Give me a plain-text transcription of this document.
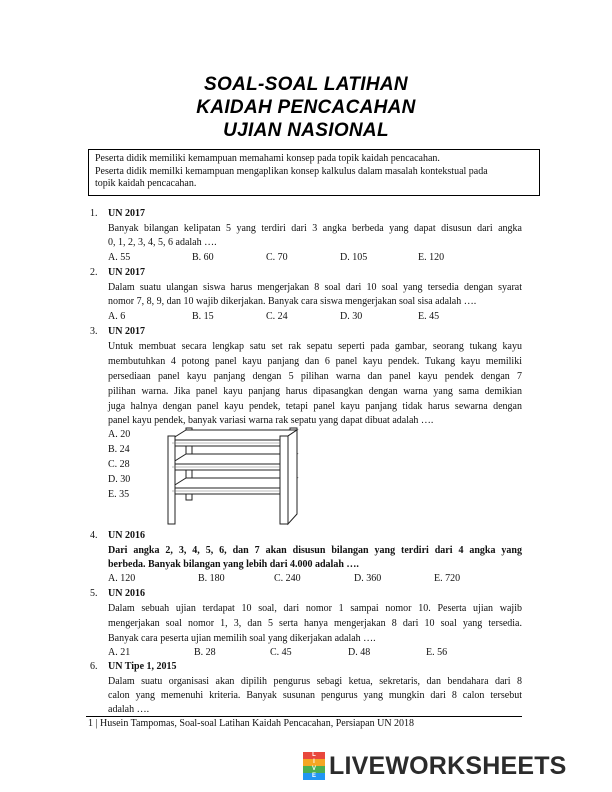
SOAL-SOAL LATIHAN
KAIDAH PENCACAHAN
UJIAN NASIONAL
Peserta didik memiliki kemampuan memahami konsep pada topik kaidah pencacahan.
Peserta didik memilki kemampuan mengaplikan konsep kalkulus dalam masalah kontekstual pada
topik kaidah pencacahan.
1. UN 2017
Banyak bilangan kelipatan 5 yang terdiri dari 3 angka berbeda yang dapat disusun dari angka
0, 1, 2, 3, 4, 5, 6 adalah ….
A. 55	B. 60	C. 70	D. 105	E. 120
2. UN 2017
Dalam suatu ulangan siswa harus mengerjakan 8 soal dari 10 soal yang tersedia dengan syarat
nomor 7, 8, 9, dan 10 wajib dikerjakan. Banyak cara siswa mengerjakan soal sisa adalah ….
A. 6	B. 15	C. 24	D. 30	E. 45
3. UN 2017
Untuk membuat secara lengkap satu set rak sepatu seperti pada gambar, seorang tukang kayu
membutuhkan 4 potong panel kayu panjang dan 6 panel kayu pendek. Tukang kayu memiliki
persediaan panel kayu panjang dengan 5 pilihan warna dan panel kayu pendek dengan 7
pilihan warna. Jika panel kayu panjang harus dipasangkan dengan warna yang sama demikian
juga halnya dengan panel kayu pendek, tetapi panel kayu panjang tidak harus sewarna dengan
panel kayu pendek, banyak variasi warna rak sepatu yang dapat dibuat adalah ….
A. 20
B. 24
C. 28
D. 30
E. 35
4. UN 2016
Dari angka 2, 3, 4, 5, 6, dan 7 akan disusun bilangan yang terdiri dari 4 angka yang
berbeda. Banyak bilangan yang lebih dari 4.000 adalah ….
A. 120	B. 180	C. 240	D. 360	E. 720
5. UN 2016
Dalam sebuah ujian terdapat 10 soal, dari nomor 1 sampai nomor 10. Peserta ujian wajib
mengerjakan soal nomor 1, 3, dan 5 serta hanya mengerjakan 8 dari 10 soal yang tersedia.
Banyak cara peserta ujian memilih soal yang dikerjakan adalah ….
A. 21	B. 28	C. 45	D. 48	E. 56
6. UN Tipe 1, 2015
Dalam suatu organisasi akan dipilih pengurus sebagi ketua, sekretaris, dan bendahara dari 8
calon yang memenuhi kriteria. Banyak susunan pengurus yang mungkin dari 8 calon tersebut
adalah ….
1 | Husein Tampomas, Soal-soal Latihan Kaidah Pencacahan, Persiapan UN 2018
L
I
V
E LIVEWORKSHEETS
